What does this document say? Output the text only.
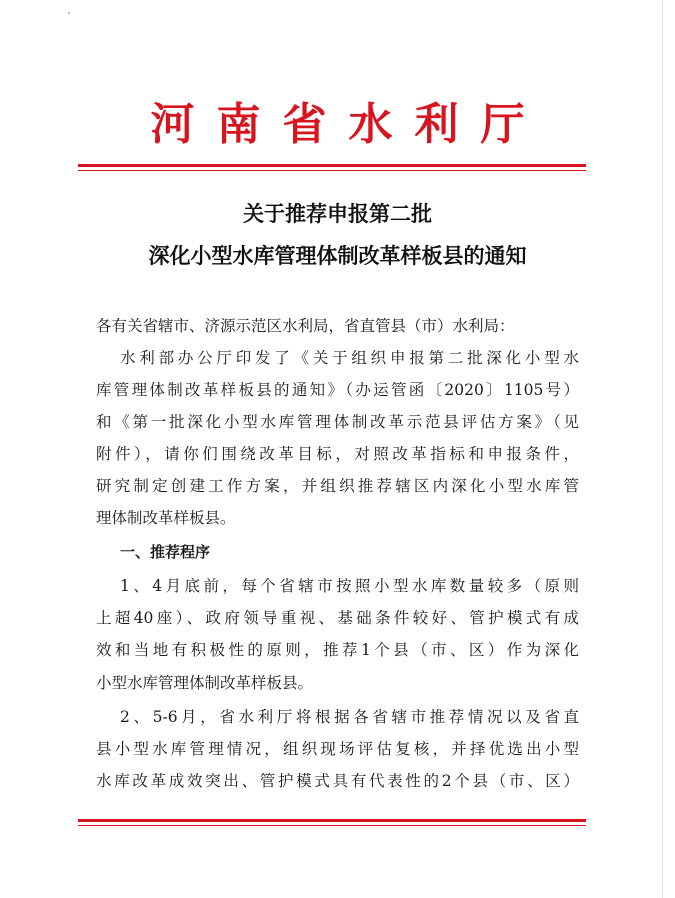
河南省水利厅
关于推荐申报第二批
深化小型水库管理体制改革样板县的通知
各有关省辖市、济源示范区水利局，省直管县（市）水利局：
水利部办公厅印发了《关于组织申报第二批深化小型水
库管理体制改革样板县的通知》（办运管函〔2020〕1105号）
和《第一批深化小型水库管理体制改革示范县评估方案》（见
附件），请你们围绕改革目标，对照改革指标和申报条件，
研究制定创建工作方案，并组织推荐辖区内深化小型水库管
理体制改革样板县。
一、推荐程序
1、4月底前，每个省辖市按照小型水库数量较多（原则
上超40座）、政府领导重视、基础条件较好、管护模式有成
效和当地有积极性的原则，推荐1个县（市、区）作为深化
小型水库管理体制改革样板县。
2、5-6月，省水利厅将根据各省辖市推荐情况以及省直
县小型水库管理情况，组织现场评估复核，并择优选出小型
水库改革成效突出、管护模式具有代表性的2个县（市、区）
